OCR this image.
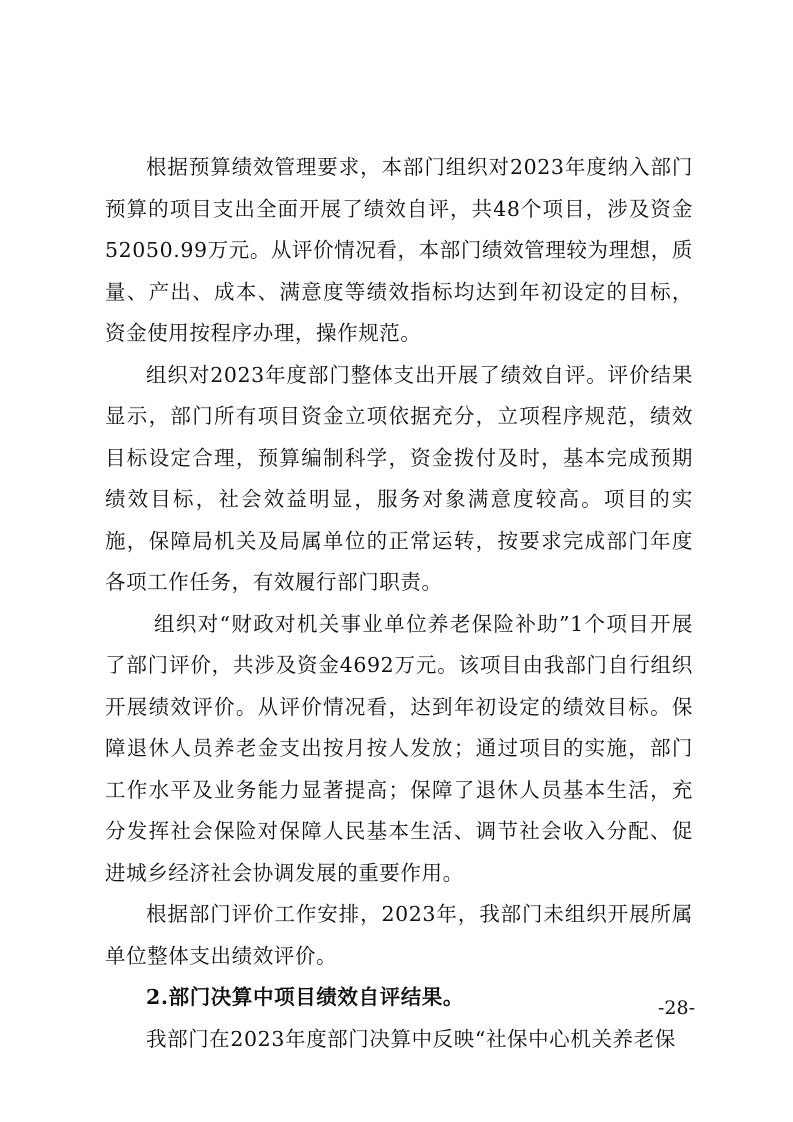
根据预算绩效管理要求，本部门组织对2023年度纳入部门预算的项目支出全面开展了绩效自评，共48个项目，涉及资金52050.99万元。从评价情况看，本部门绩效管理较为理想，质量、产出、成本、满意度等绩效指标均达到年初设定的目标，资金使用按程序办理，操作规范。

组织对2023年度部门整体支出开展了绩效自评。评价结果显示，部门所有项目资金立项依据充分，立项程序规范，绩效目标设定合理，预算编制科学，资金拨付及时，基本完成预期绩效目标，社会效益明显，服务对象满意度较高。项目的实施，保障局机关及局属单位的正常运转，按要求完成部门年度各项工作任务，有效履行部门职责。

组织对“财政对机关事业单位养老保险补助”1个项目开展了部门评价，共涉及资金4692万元。该项目由我部门自行组织开展绩效评价。从评价情况看，达到年初设定的绩效目标。保障退休人员养老金支出按月按人发放；通过项目的实施，部门工作水平及业务能力显著提高；保障了退休人员基本生活，充分发挥社会保险对保障人民基本生活、调节社会收入分配、促进城乡经济社会协调发展的重要作用。

根据部门评价工作安排，2023年，我部门未组织开展所属单位整体支出绩效评价。

2.部门决算中项目绩效自评结果。

我部门在2023年度部门决算中反映“社保中心机关养老保

-28-
